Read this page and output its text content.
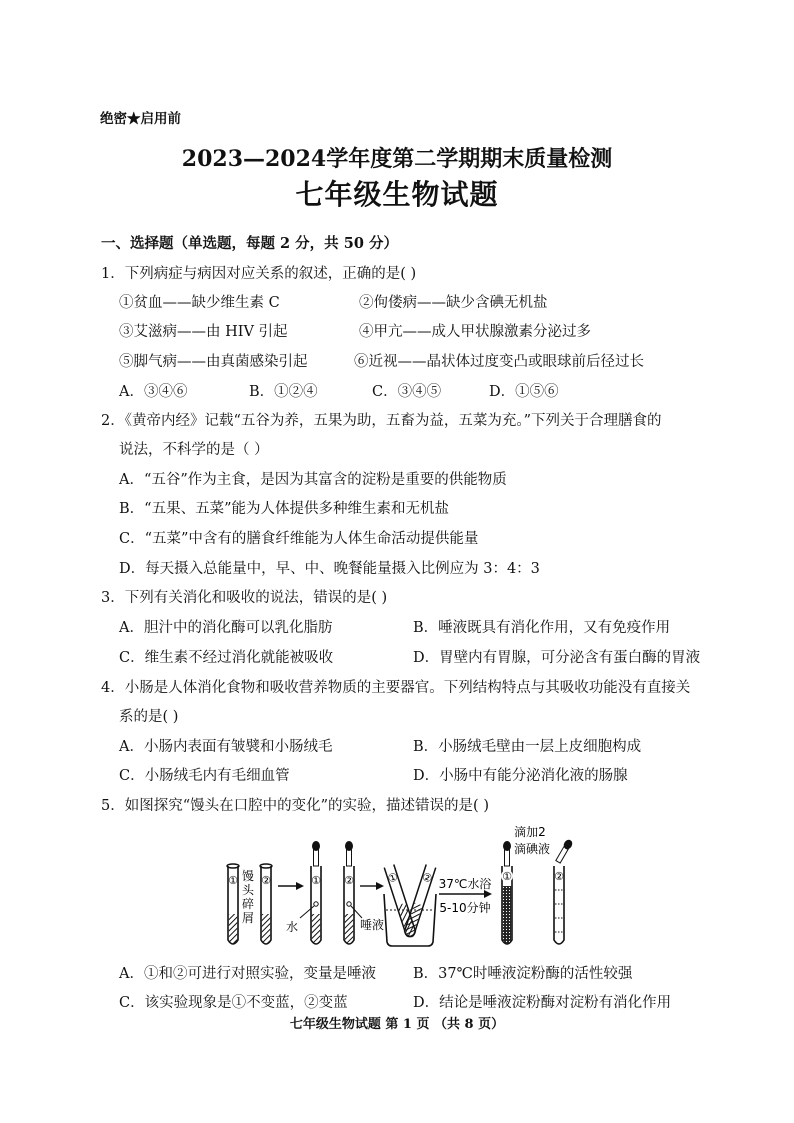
绝密★启用前
2023—2024学年度第二学期期末质量检测
七年级生物试题
一、选择题（单选题，每题 2 分，共 50 分）
1．下列病症与病因对应关系的叙述，正确的是( )
①贫血——缺少维生素 C	②佝偻病——缺少含碘无机盐
③艾滋病——由 HIV 引起	④甲亢——成人甲状腺激素分泌过多
⑤脚气病——由真菌感染引起	⑥近视——晶状体过度变凸或眼球前后径过长
A．③④⑥	B．①②④	C．③④⑤	D．①⑤⑥
2．《黄帝内经》记载“五谷为养，五果为助，五畜为益，五菜为充。”下列关于合理膳食的
说法，不科学的是（ ）
A．“五谷”作为主食，是因为其富含的淀粉是重要的供能物质
B．“五果、五菜”能为人体提供多种维生素和无机盐
C．“五菜”中含有的膳食纤维能为人体生命活动提供能量
D．每天摄入总能量中，早、中、晚餐能量摄入比例应为 3：4：3
3．下列有关消化和吸收的说法，错误的是( )
A．胆汁中的消化酶可以乳化脂肪	B．唾液既具有消化作用，又有免疫作用
C．维生素不经过消化就能被吸收	D．胃壁内有胃腺，可分泌含有蛋白酶的胃液
4．小肠是人体消化食物和吸收营养物质的主要器官。下列结构特点与其吸收功能没有直接关
系的是( )
A．小肠内表面有皱襞和小肠绒毛	B．小肠绒毛壁由一层上皮细胞构成
C．小肠绒毛内有毛细血管	D．小肠中有能分泌消化液的肠腺
5．如图探究“馒头在口腔中的变化”的实验，描述错误的是( )
① ②
馒
头
碎
屑
①
水
②
唾液
① ② 37℃水浴
5-10分钟
滴加2
滴碘液
①	②
A．①和②可进行对照实验，变量是唾液	B．37℃时唾液淀粉酶的活性较强
C．该实验现象是①不变蓝，②变蓝	D．结论是唾液淀粉酶对淀粉有消化作用
七年级生物试题 第 1 页 （共 8 页）
